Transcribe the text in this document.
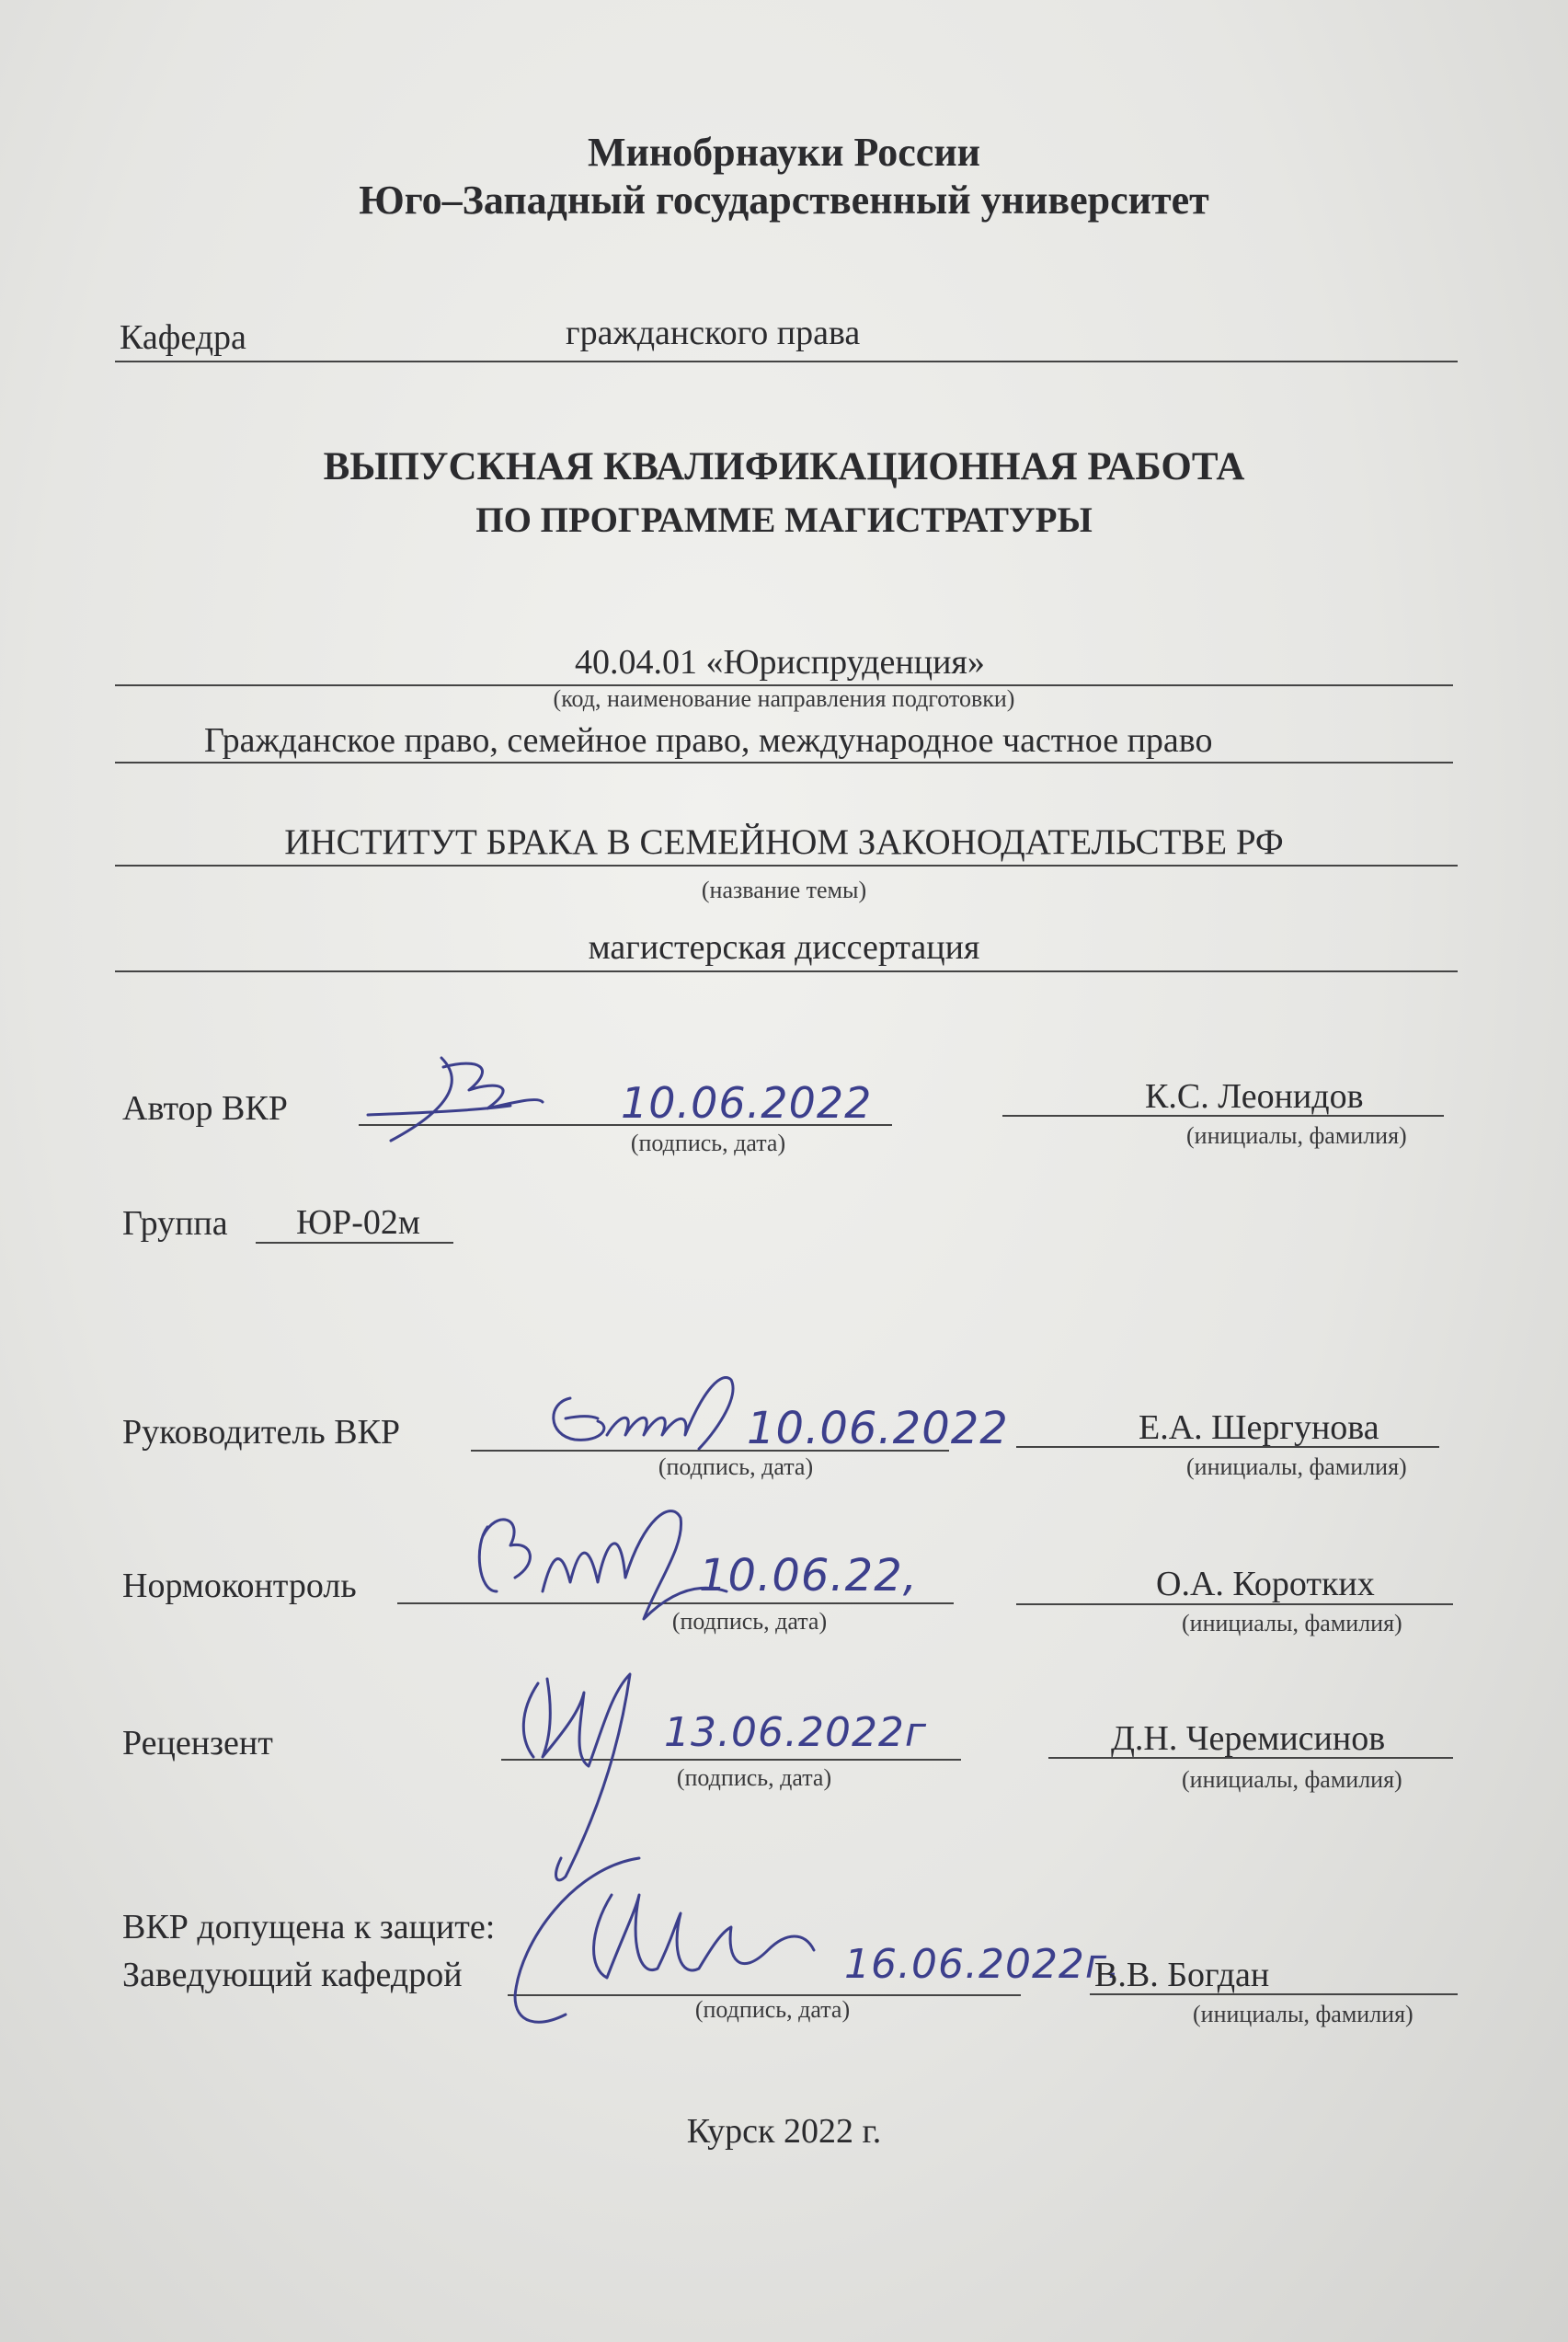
Минобрнауки России
Юго–Западный государственный университет
Кафедра	гражданского права
ВЫПУСКНАЯ КВАЛИФИКАЦИОННАЯ РАБОТА
ПО ПРОГРАММЕ МАГИСТРАТУРЫ
40.04.01 «Юриспруденция»
(код, наименование направления подготовки)
Гражданское право, семейное право, международное частное право
ИНСТИТУТ БРАКА В СЕМЕЙНОМ ЗАКОНОДАТЕЛЬСТВЕ РФ
(название темы)
магистерская диссертация
Автор ВКР	10.06.2022
(подпись, дата)
К.С. Леонидов
(инициалы, фамилия)
Группа ЮР-02м
Руководитель ВКР	10.06.2022
(подпись, дата)
Е.А. Шергунова
(инициалы, фамилия)
Нормоконтроль	10.06.22,
(подпись, дата)
О.А. Коротких
(инициалы, фамилия)
Рецензент	13.06.2022г
(подпись, дата)
Д.Н. Черемисинов
(инициалы, фамилия)
ВКР допущена к защите:
Заведующий кафедрой	16.06.2022г.
(подпись, дата)
В.В. Богдан
(инициалы, фамилия)
Курск 2022 г.
